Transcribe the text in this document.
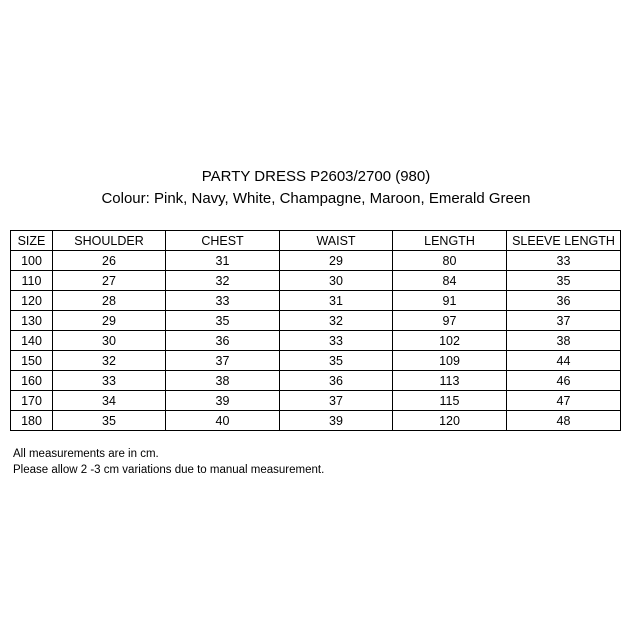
PARTY DRESS P2603/2700 (980)
Colour: Pink, Navy, White, Champagne, Maroon, Emerald Green
SIZE	SHOULDER	CHEST	WAIST	LENGTH	SLEEVE LENGTH
100	26	31	29	80	33
110	27	32	30	84	35
120	28	33	31	91	36
130	29	35	32	97	37
140	30	36	33	102	38
150	32	37	35	109	44
160	33	38	36	113	46
170	34	39	37	115	47
180	35	40	39	120	48
All measurements are in cm.
Please allow 2 -3 cm variations due to manual measurement.
